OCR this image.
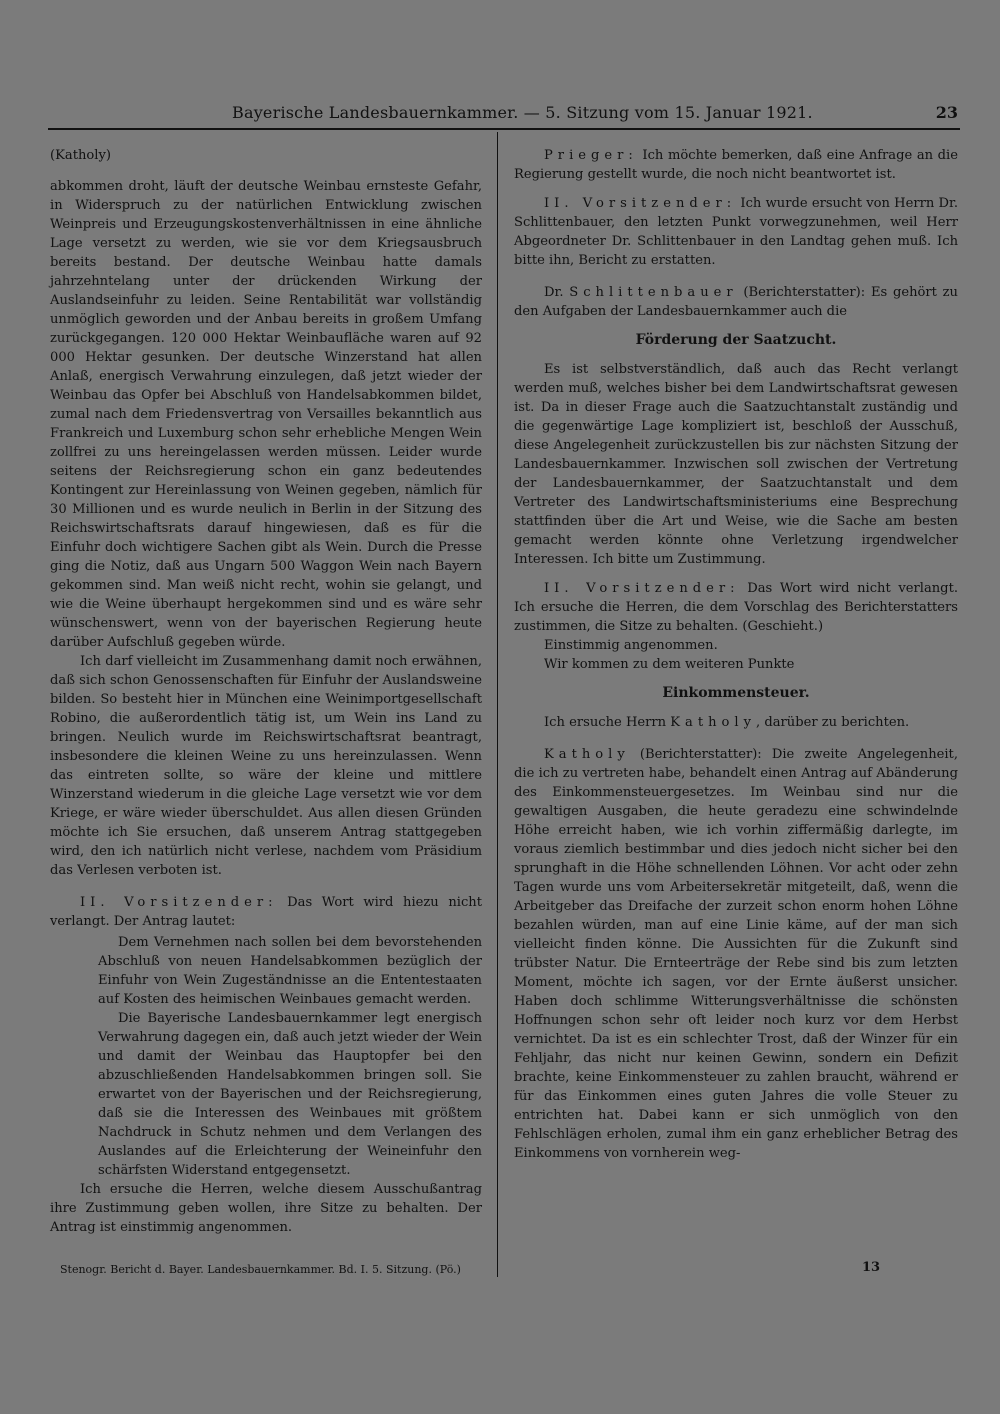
Bayerische Landesbauernkammer. — 5. Sitzung vom 15. Januar 1921.	23

(Katholy)

abkommen droht, läuft der deutsche Weinbau ernsteste Gefahr, in Widerspruch zu der natürlichen Entwicklung zwischen Weinpreis und Erzeugungskostenverhältnissen in eine ähnliche Lage versetzt zu werden, wie sie vor dem Kriegsausbruch bereits bestand. Der deutsche Weinbau hatte damals jahrzehntelang unter der drückenden Wirkung der Auslandseinfuhr zu leiden. Seine Rentabilität war vollständig unmöglich geworden und der Anbau bereits in großem Umfang zurückgegangen. 120 000 Hektar Weinbaufläche waren auf 92 000 Hektar gesunken. Der deutsche Winzerstand hat allen Anlaß, energisch Verwahrung einzulegen, daß jetzt wieder der Weinbau das Opfer bei Abschluß von Handelsabkommen bildet, zumal nach dem Friedensvertrag von Versailles bekanntlich aus Frankreich und Luxemburg schon sehr erhebliche Mengen Wein zollfrei zu uns hereingelassen werden müssen. Leider wurde seitens der Reichsregierung schon ein ganz bedeutendes Kontingent zur Hereinlassung von Weinen gegeben, nämlich für 30 Millionen und es wurde neulich in Berlin in der Sitzung des Reichswirtschaftsrats darauf hingewiesen, daß es für die Einfuhr doch wichtigere Sachen gibt als Wein. Durch die Presse ging die Notiz, daß aus Ungarn 500 Waggon Wein nach Bayern gekommen sind. Man weiß nicht recht, wohin sie gelangt, und wie die Weine überhaupt hergekommen sind und es wäre sehr wünschenswert, wenn von der bayerischen Regierung heute darüber Aufschluß gegeben würde.

Ich darf vielleicht im Zusammenhang damit noch erwähnen, daß sich schon Genossenschaften für Einfuhr der Auslandsweine bilden. So besteht hier in München eine Weinimportgesellschaft Robino, die außerordentlich tätig ist, um Wein ins Land zu bringen. Neulich wurde im Reichswirtschaftsrat beantragt, insbesondere die kleinen Weine zu uns hereinzulassen. Wenn das eintreten sollte, so wäre der kleine und mittlere Winzerstand wiederum in die gleiche Lage versetzt wie vor dem Kriege, er wäre wieder überschuldet. Aus allen diesen Gründen möchte ich Sie ersuchen, daß unserem Antrag stattgegeben wird, den ich natürlich nicht verlese, nachdem vom Präsidium das Verlesen verboten ist.

II. Vorsitzender: Das Wort wird hiezu nicht verlangt. Der Antrag lautet:

Dem Vernehmen nach sollen bei dem bevorstehenden Abschluß von neuen Handelsabkommen bezüglich der Einfuhr von Wein Zugeständnisse an die Ententestaaten auf Kosten des heimischen Weinbaues gemacht werden.

Die Bayerische Landesbauernkammer legt energisch Verwahrung dagegen ein, daß auch jetzt wieder der Wein und damit der Weinbau das Hauptopfer bei den abzuschließenden Handelsabkommen bringen soll. Sie erwartet von der Bayerischen und der Reichsregierung, daß sie die Interessen des Weinbaues mit größtem Nachdruck in Schutz nehmen und dem Verlangen des Auslandes auf die Erleichterung der Weineinfuhr den schärfsten Widerstand entgegensetzt.

Ich ersuche die Herren, welche diesem Ausschußantrag ihre Zustimmung geben wollen, ihre Sitze zu behalten. Der Antrag ist einstimmig angenommen.

Prieger: Ich möchte bemerken, daß eine Anfrage an die Regierung gestellt wurde, die noch nicht beantwortet ist.

II. Vorsitzender: Ich wurde ersucht von Herrn Dr. Schlittenbauer, den letzten Punkt vorwegzunehmen, weil Herr Abgeordneter Dr. Schlittenbauer in den Landtag gehen muß. Ich bitte ihn, Bericht zu erstatten.

Dr. Schlittenbauer (Berichterstatter): Es gehört zu den Aufgaben der Landesbauernkammer auch die

Förderung der Saatzucht.

Es ist selbstverständlich, daß auch das Recht verlangt werden muß, welches bisher bei dem Landwirtschaftsrat gewesen ist. Da in dieser Frage auch die Saatzuchtanstalt zuständig und die gegenwärtige Lage kompliziert ist, beschloß der Ausschuß, diese Angelegenheit zurückzustellen bis zur nächsten Sitzung der Landesbauernkammer. Inzwischen soll zwischen der Vertretung der Landesbauernkammer, der Saatzuchtanstalt und dem Vertreter des Landwirtschaftsministeriums eine Besprechung stattfinden über die Art und Weise, wie die Sache am besten gemacht werden könnte ohne Verletzung irgendwelcher Interessen. Ich bitte um Zustimmung.

II. Vorsitzender: Das Wort wird nicht verlangt. Ich ersuche die Herren, die dem Vorschlag des Berichterstatters zustimmen, die Sitze zu behalten. (Geschieht.)

Einstimmig angenommen.

Wir kommen zu dem weiteren Punkte

Einkommensteuer.

Ich ersuche Herrn Katholy, darüber zu berichten.

Katholy (Berichterstatter): Die zweite Angelegenheit, die ich zu vertreten habe, behandelt einen Antrag auf Abänderung des Einkommensteuergesetzes. Im Weinbau sind nur die gewaltigen Ausgaben, die heute geradezu eine schwindelnde Höhe erreicht haben, wie ich vorhin ziffermäßig darlegte, im voraus ziemlich bestimmbar und dies jedoch nicht sicher bei den sprunghaft in die Höhe schnellenden Löhnen. Vor acht oder zehn Tagen wurde uns vom Arbeitersekretär mitgeteilt, daß, wenn die Arbeitgeber das Dreifache der zurzeit schon enorm hohen Löhne bezahlen würden, man auf eine Linie käme, auf der man sich vielleicht finden könne. Die Aussichten für die Zukunft sind trübster Natur. Die Ernteerträge der Rebe sind bis zum letzten Moment, möchte ich sagen, vor der Ernte äußerst unsicher. Haben doch schlimme Witterungsverhältnisse die schönsten Hoffnungen schon sehr oft leider noch kurz vor dem Herbst vernichtet. Da ist es ein schlechter Trost, daß der Winzer für ein Fehljahr, das nicht nur keinen Gewinn, sondern ein Defizit brachte, keine Einkommensteuer zu zahlen braucht, während er für das Einkommen eines guten Jahres die volle Steuer zu entrichten hat. Dabei kann er sich unmöglich von den Fehlschlägen erholen, zumal ihm ein ganz erheblicher Betrag des Einkommens von vornherein weg-

Stenogr. Bericht d. Bayer. Landesbauernkammer. Bd. I. 5. Sitzung. (Pö.)	13
